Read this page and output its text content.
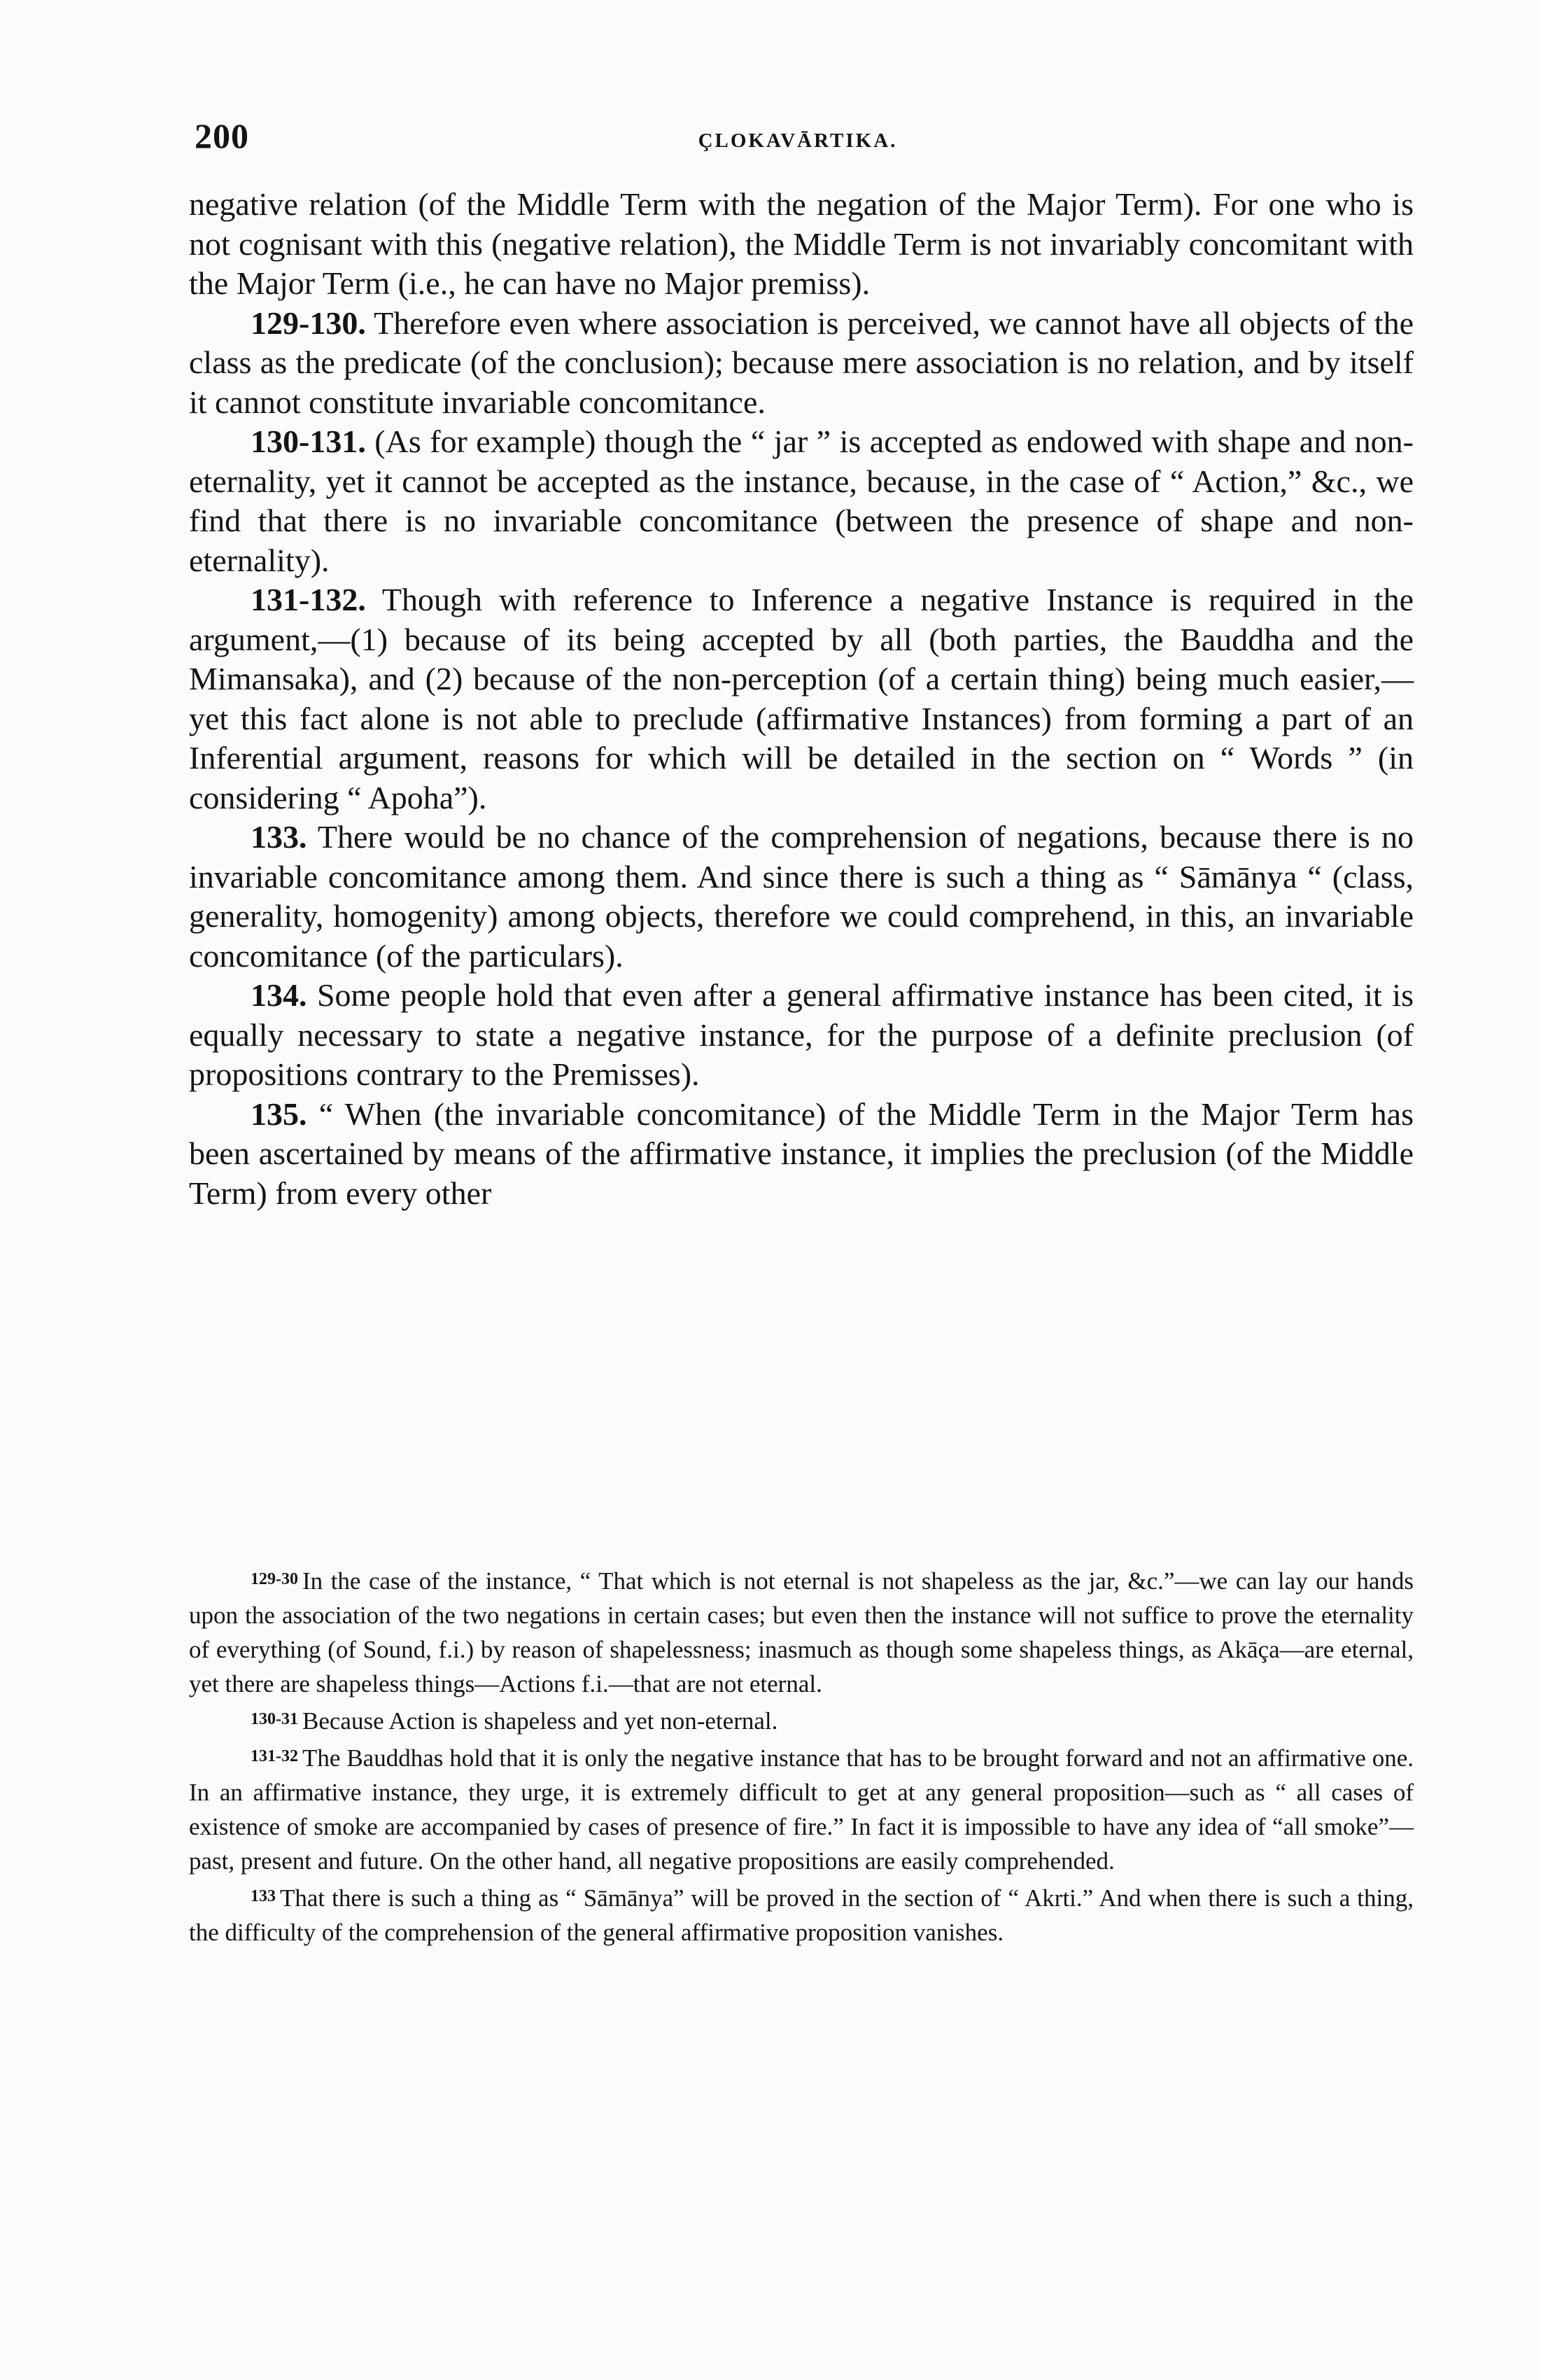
200	ÇLOKAVĀRTIKA.

negative relation (of the Middle Term with the negation of the Major Term). For one who is not cognisant with this (negative relation), the Middle Term is not invariably concomitant with the Major Term (i.e., he can have no Major premiss).

129-130. Therefore even where association is perceived, we cannot have all objects of the class as the predicate (of the conclusion); because mere association is no relation, and by itself it cannot constitute invariable concomitance.

130-131. (As for example) though the “ jar ” is accepted as endowed with shape and non-eternality, yet it cannot be accepted as the instance, because, in the case of “ Action,” &c., we find that there is no invariable concomitance (between the presence of shape and non-eternality).

131-132. Though with reference to Inference a negative Instance is required in the argument,—(1) because of its being accepted by all (both parties, the Bauddha and the Mimansaka), and (2) because of the non-perception (of a certain thing) being much easier,—yet this fact alone is not able to preclude (affirmative Instances) from forming a part of an Inferential argument, reasons for which will be detailed in the section on “ Words ” (in considering “ Apoha”).

133. There would be no chance of the comprehension of negations, because there is no invariable concomitance among them. And since there is such a thing as “ Sāmānya “ (class, generality, homogenity) among objects, therefore we could comprehend, in this, an invariable concomitance (of the particulars).

134. Some people hold that even after a general affirmative instance has been cited, it is equally necessary to state a negative instance, for the purpose of a definite preclusion (of propositions contrary to the Premisses).

135. “ When (the invariable concomitance) of the Middle Term in the Major Term has been ascertained by means of the affirmative instance, it implies the preclusion (of the Middle Term) from every other

$^{129-30}$ In the case of the instance, “ That which is not eternal is not shapeless as the jar, &c.”—we can lay our hands upon the association of the two negations in certain cases; but even then the instance will not suffice to prove the eternality of everything (of Sound, f.i.) by reason of shapelessness; inasmuch as though some shapeless things, as Akāça—are eternal, yet there are shapeless things—Actions f.i.—that are not eternal.

$^{130-31}$ Because Action is shapeless and yet non-eternal.

$^{131-32}$ The Bauddhas hold that it is only the negative instance that has to be brought forward and not an affirmative one. In an affirmative instance, they urge, it is extremely difficult to get at any general proposition—such as “ all cases of existence of smoke are accompanied by cases of presence of fire.” In fact it is impossible to have any idea of “all smoke”—past, present and future. On the other hand, all negative propositions are easily comprehended.

$^{133}$ That there is such a thing as “ Sāmānya” will be proved in the section of “ Akrti.” And when there is such a thing, the difficulty of the comprehension of the general affirmative proposition vanishes.
